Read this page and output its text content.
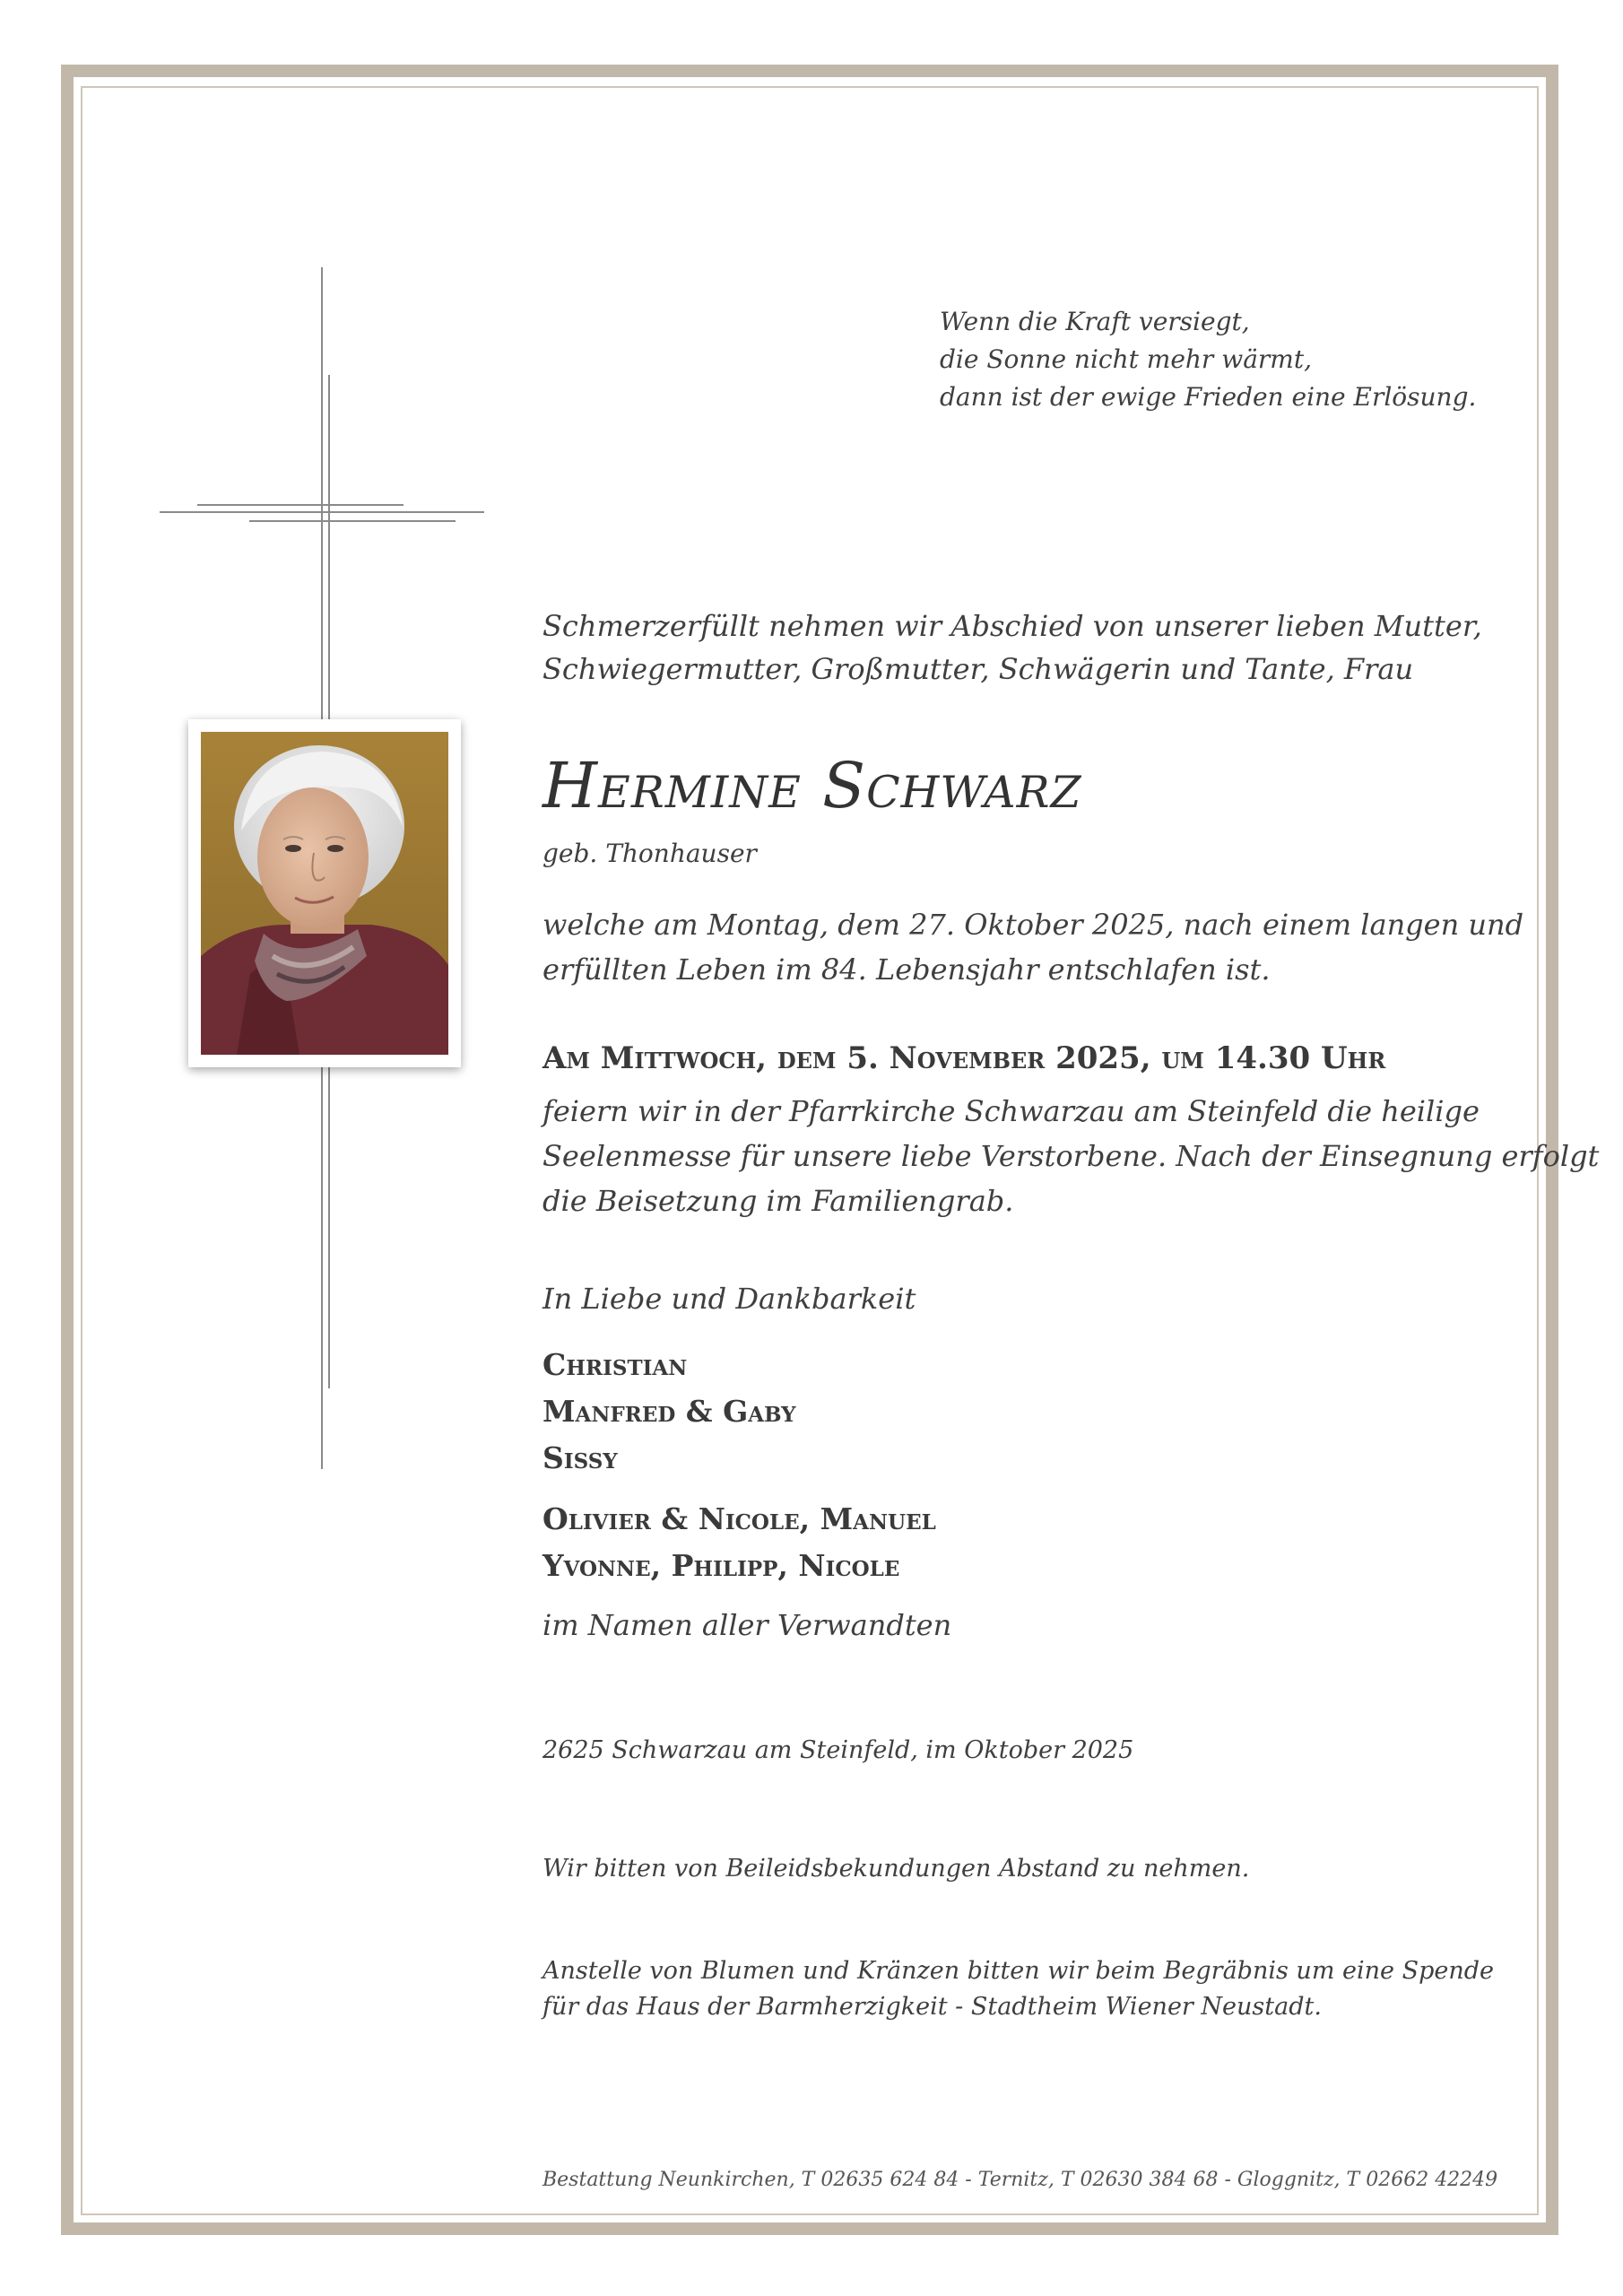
Wenn die Kraft versiegt,
die Sonne nicht mehr wärmt,
dann ist der ewige Frieden eine Erlösung.
Schmerzerfüllt nehmen wir Abschied von unserer lieben Mutter,
Schwiegermutter, Großmutter, Schwägerin und Tante, Frau
Hermine Schwarz
geb. Thonhauser
welche am Montag, dem 27. Oktober 2025, nach einem langen und
erfüllten Leben im 84. Lebensjahr entschlafen ist.
Am Mittwoch, dem 5. November 2025, um 14.30 Uhr
feiern wir in der Pfarrkirche Schwarzau am Steinfeld die heilige
Seelenmesse für unsere liebe Verstorbene. Nach der Einsegnung erfolgt
die Beisetzung im Familiengrab.
In Liebe und Dankbarkeit
Christian
Manfred & Gaby
Sissy
Olivier & Nicole, Manuel
Yvonne, Philipp, Nicole
im Namen aller Verwandten
2625 Schwarzau am Steinfeld, im Oktober 2025
Wir bitten von Beileidsbekundungen Abstand zu nehmen.
Anstelle von Blumen und Kränzen bitten wir beim Begräbnis um eine Spende
für das Haus der Barmherzigkeit - Stadtheim Wiener Neustadt.
Bestattung Neunkirchen, T 02635 624 84 - Ternitz, T 02630 384 68 - Gloggnitz, T 02662 42249
